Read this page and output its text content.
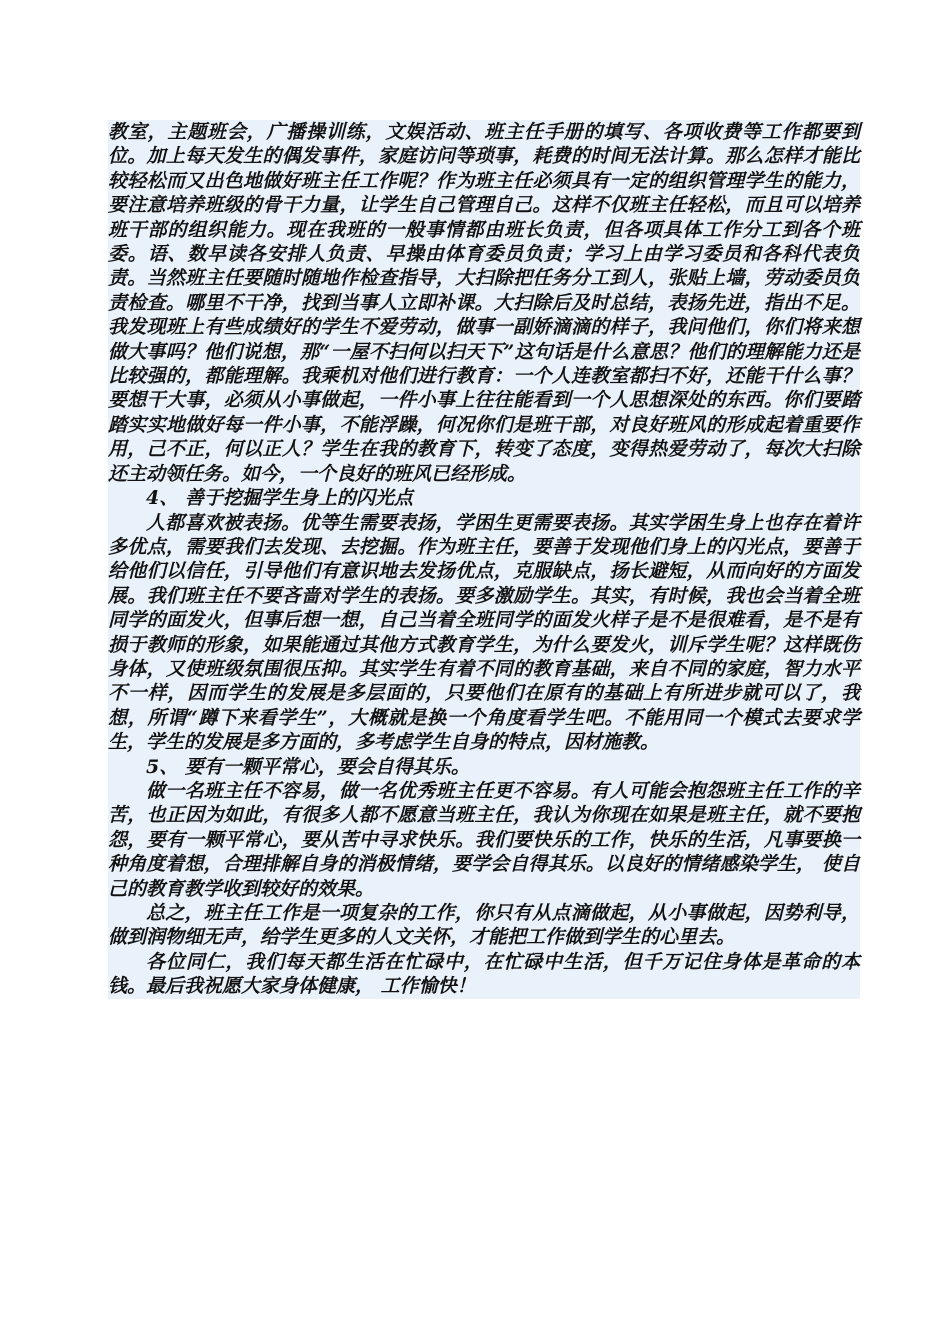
教室，主题班会，广播操训练，文娱活动、班主任手册的填写、各项收费等工作都要到位。加上每天发生的偶发事件，家庭访问等琐事，耗费的时间无法计算。那么怎样才能比较轻松而又出色地做好班主任工作呢？作为班主任必须具有一定的组织管理学生的能力，要注意培养班级的骨干力量，让学生自己管理自己。这样不仅班主任轻松，而且可以培养班干部的组织能力。现在我班的一般事情都由班长负责，但各项具体工作分工到各个班委。语、数早读各安排人负责、早操由体育委员负责；学习上由学习委员和各科代表负责。当然班主任要随时随地作检查指导，大扫除把任务分工到人，张贴上墙，劳动委员负责检查。哪里不干净，找到当事人立即补课。大扫除后及时总结，表扬先进，指出不足。我发现班上有些成绩好的学生不爱劳动，做事一副娇滴滴的样子，我问他们，你们将来想做大事吗？他们说想，那“一屋不扫何以扫天下”这句话是什么意思？他们的理解能力还是比较强的，都能理解。我乘机对他们进行教育：一个人连教室都扫不好，还能干什么事？要想干大事，必须从小事做起，一件小事上往往能看到一个人思想深处的东西。你们要踏踏实实地做好每一件小事，不能浮躁，何况你们是班干部，对良好班风的形成起着重要作用，己不正，何以正人？学生在我的教育下，转变了态度，变得热爱劳动了，每次大扫除还主动领任务。如今，一个良好的班风已经形成。

4、 善于挖掘学生身上的闪光点

人都喜欢被表扬。优等生需要表扬，学困生更需要表扬。其实学困生身上也存在着许多优点，需要我们去发现、去挖掘。作为班主任，要善于发现他们身上的闪光点，要善于给他们以信任，引导他们有意识地去发扬优点，克服缺点，扬长避短，从而向好的方面发展。我们班主任不要吝啬对学生的表扬。要多激励学生。其实，有时候，我也会当着全班同学的面发火，但事后想一想，自己当着全班同学的面发火样子是不是很难看，是不是有损于教师的形象，如果能通过其他方式教育学生，为什么要发火，训斥学生呢？这样既伤身体，又使班级氛围很压抑。其实学生有着不同的教育基础，来自不同的家庭，智力水平不一样，因而学生的发展是多层面的，只要他们在原有的基础上有所进步就可以了，我想，所谓“蹲下来看学生”，大概就是换一个角度看学生吧。不能用同一个模式去要求学生，学生的发展是多方面的，多考虑学生自身的特点，因材施教。

5、 要有一颗平常心，要会自得其乐。

做一名班主任不容易，做一名优秀班主任更不容易。有人可能会抱怨班主任工作的辛苦，也正因为如此，有很多人都不愿意当班主任，我认为你现在如果是班主任，就不要抱怨，要有一颗平常心，要从苦中寻求快乐。我们要快乐的工作，快乐的生活，凡事要换一种角度着想，合理排解自身的消极情绪，要学会自得其乐。以良好的情绪感染学生， 使自己的教育教学收到较好的效果。

总之，班主任工作是一项复杂的工作，你只有从点滴做起，从小事做起，因势利导，做到润物细无声，给学生更多的人文关怀，才能把工作做到学生的心里去。

各位同仁，我们每天都生活在忙碌中，在忙碌中生活，但千万记住身体是革命的本钱。最后我祝愿大家身体健康， 工作愉快！
